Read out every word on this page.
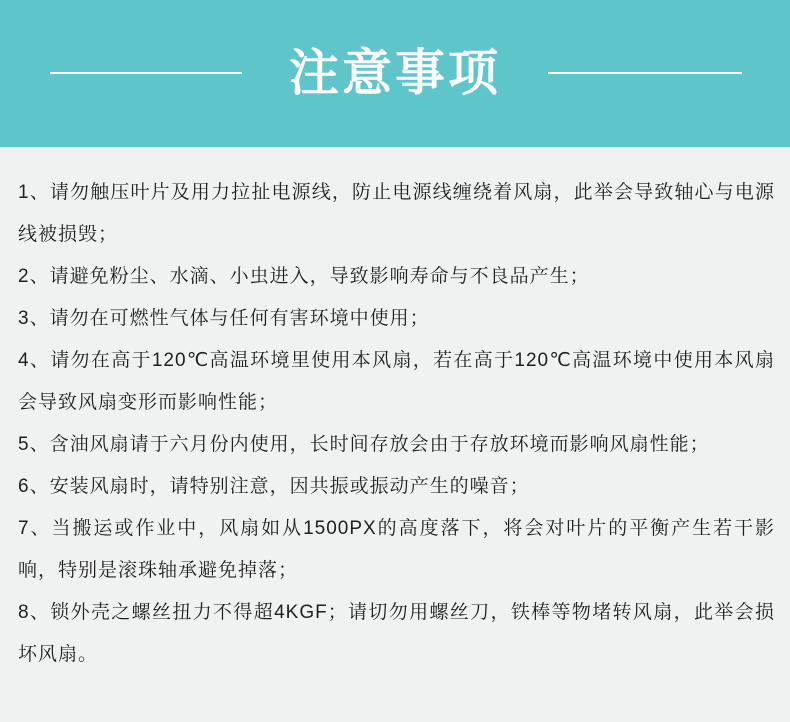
注意事项

1、请勿触压叶片及用力拉扯电源线，防止电源线缠绕着风扇，此举会导致轴心与电源线被损毁；

2、请避免粉尘、水滴、小虫进入，导致影响寿命与不良品产生；

3、请勿在可燃性气体与任何有害环境中使用；

4、请勿在高于120℃高温环境里使用本风扇，若在高于120℃高温环境中使用本风扇会导致风扇变形而影响性能；

5、含油风扇请于六月份内使用，长时间存放会由于存放环境而影响风扇性能；

6、安装风扇时，请特别注意，因共振或振动产生的噪音；

7、当搬运或作业中，风扇如从1500PX的高度落下，将会对叶片的平衡产生若干影响，特别是滚珠轴承避免掉落；

8、锁外壳之螺丝扭力不得超4KGF；请切勿用螺丝刀，铁棒等物堵转风扇，此举会损坏风扇。
